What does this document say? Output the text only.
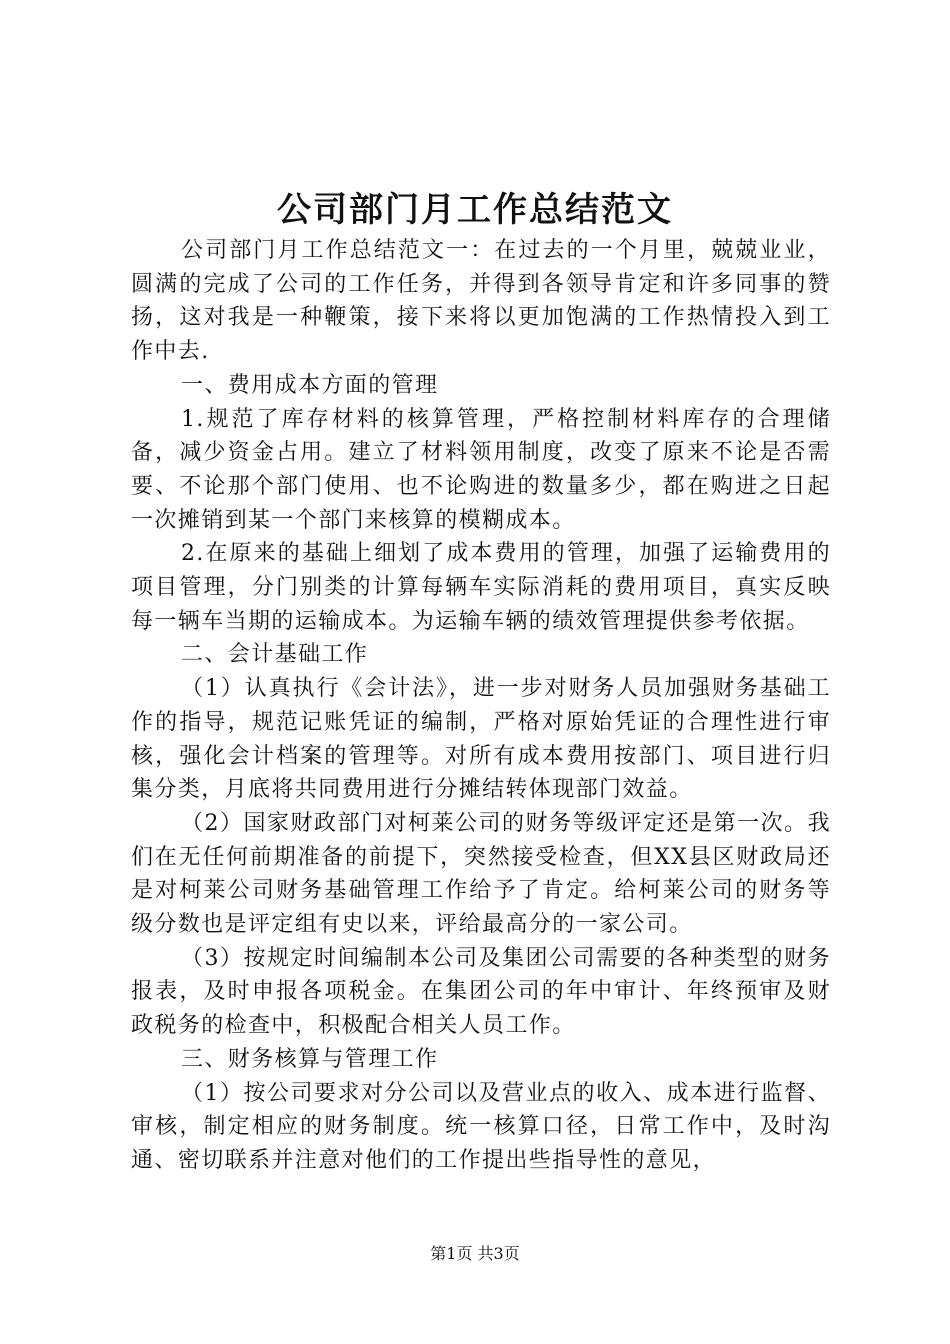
公司部门月工作总结范文

公司部门月工作总结范文一：在过去的一个月里，兢兢业业，圆满的完成了公司的工作任务，并得到各领导肯定和许多同事的赞扬，这对我是一种鞭策，接下来将以更加饱满的工作热情投入到工作中去.

一、费用成本方面的管理

1.规范了库存材料的核算管理，严格控制材料库存的合理储备，减少资金占用。建立了材料领用制度，改变了原来不论是否需要、不论那个部门使用、也不论购进的数量多少，都在购进之日起一次摊销到某一个部门来核算的模糊成本。

2.在原来的基础上细划了成本费用的管理，加强了运输费用的项目管理，分门别类的计算每辆车实际消耗的费用项目，真实反映每一辆车当期的运输成本。为运输车辆的绩效管理提供参考依据。

二、会计基础工作

（1）认真执行《会计法》，进一步对财务人员加强财务基础工作的指导，规范记账凭证的编制，严格对原始凭证的合理性进行审核，强化会计档案的管理等。对所有成本费用按部门、项目进行归集分类，月底将共同费用进行分摊结转体现部门效益。

（2）国家财政部门对柯莱公司的财务等级评定还是第一次。我们在无任何前期准备的前提下，突然接受检查，但XX县区财政局还是对柯莱公司财务基础管理工作给予了肯定。给柯莱公司的财务等级分数也是评定组有史以来，评给最高分的一家公司。

（3）按规定时间编制本公司及集团公司需要的各种类型的财务报表，及时申报各项税金。在集团公司的年中审计、年终预审及财政税务的检查中，积极配合相关人员工作。

三、财务核算与管理工作

（1）按公司要求对分公司以及营业点的收入、成本进行监督、审核，制定相应的财务制度。统一核算口径，日常工作中，及时沟通、密切联系并注意对他们的工作提出些指导性的意见，

第1页 共3页
